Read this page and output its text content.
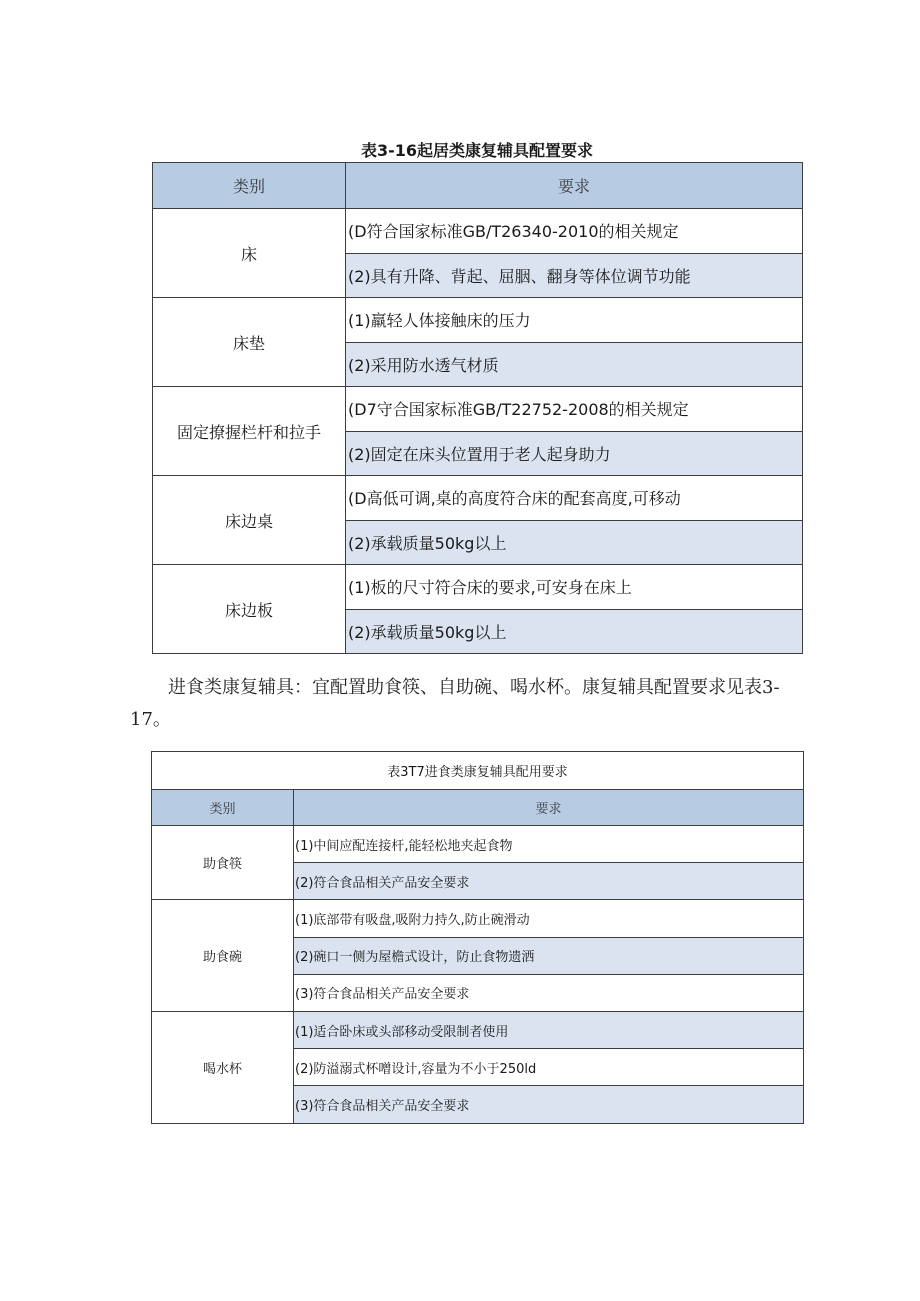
表3-16起居类康复辅具配置要求
类别	要求
床	(D符合国家标准GB/T26340-2010的相关规定
	(2)具有升降、背起、屈胭、翻身等体位调节功能
床垫	(1)羸轻人体接触床的压力
	(2)采用防水透气材质
固定撩握栏杆和拉手	(D7守合国家标准GB/T22752-2008的相关规定
	(2)固定在床头位置用于老人起身助力
床边桌	(D高低可调,桌的高度符合床的配套高度,可移动
	(2)承载质量50kg以上
床边板	(1)板的尺寸符合床的要求,可安身在床上
	(2)承载质量50kg以上

进食类康复辅具：宜配置助食筷、自助碗、喝水杯。康复辅具配置要求见表3-17。

表3T7进食类康复辅具配用要求	
类别	要求
助食筷	(1)中间应配连接杆,能轻松地夹起食物
	(2)符合食品相关产品安全要求
助食碗	(1)底部带有吸盘,吸附力持久,防止碗滑动
	(2)碗口一侧为屋檐式设计，防止食物遗洒
	(3)符合食品相关产品安全要求
喝水杯	(1)适合卧床或头部移动受限制者使用
	(2)防溢溺式杯噌设计,容量为不小于250ld
	(3)符合食品相关产品安全要求
